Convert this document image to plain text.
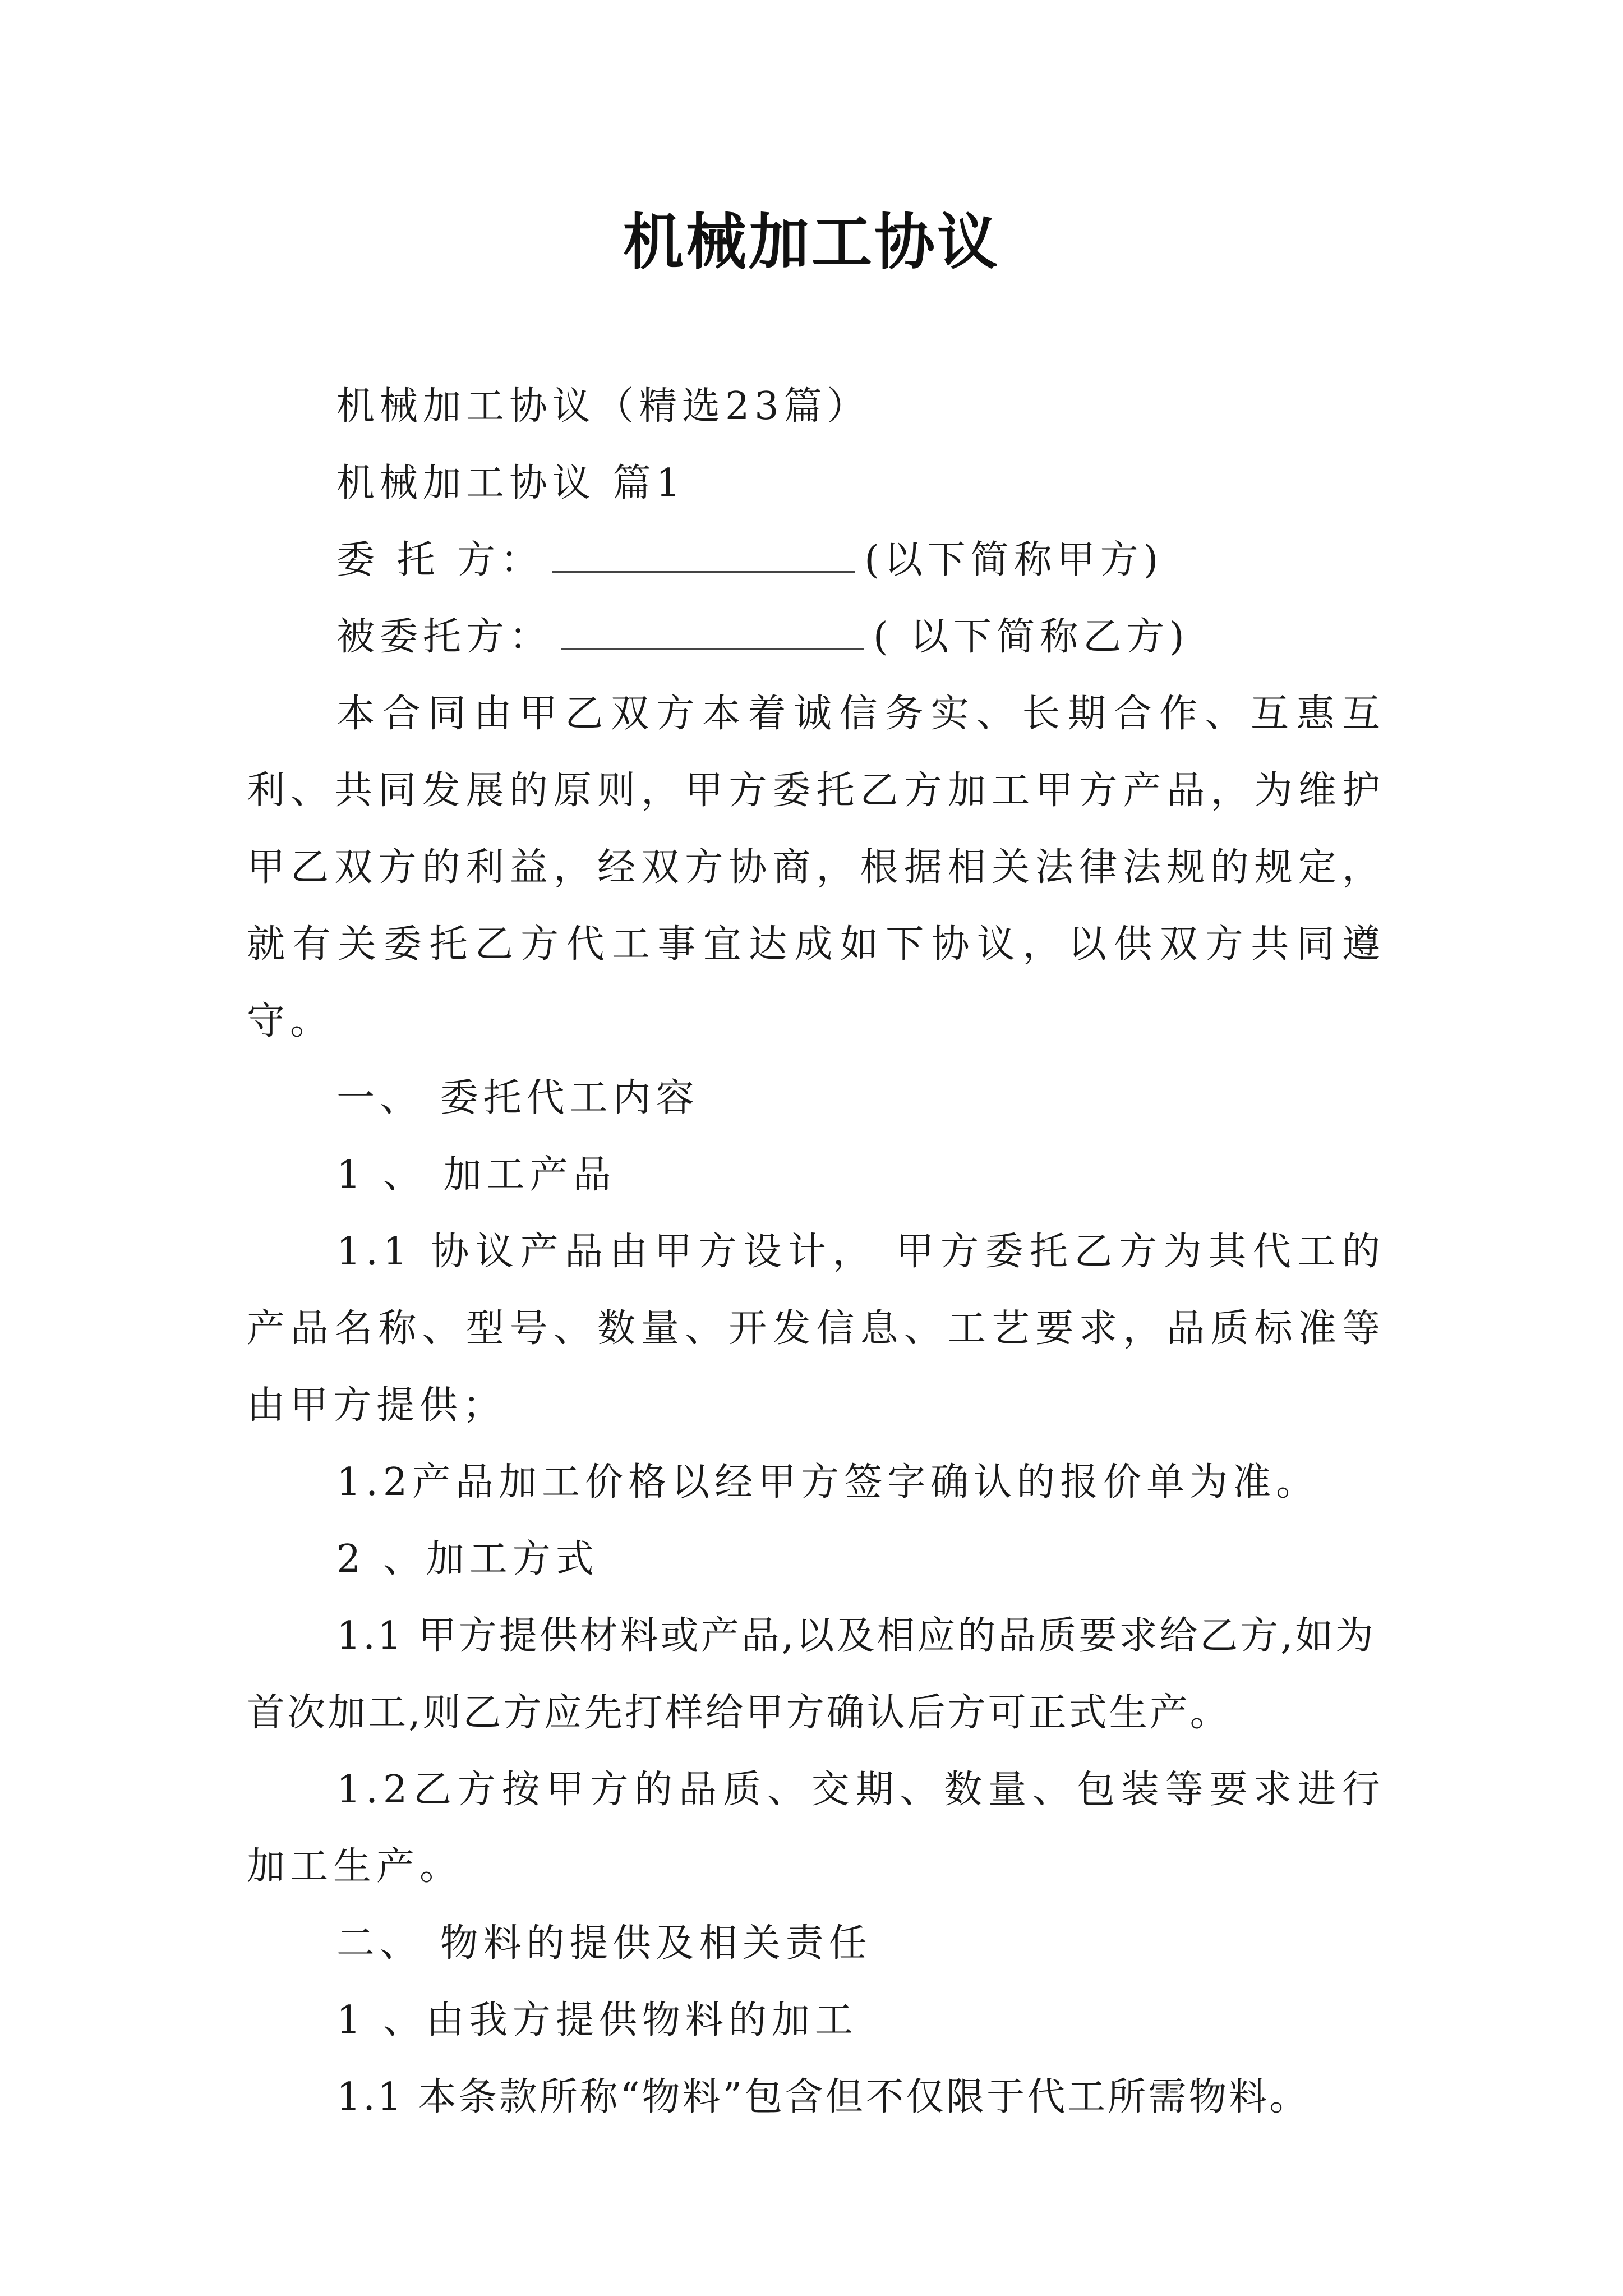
机械加工协议

机械加工协议（精选23篇）

机械加工协议 篇1

委 托 方：	(以下简称甲方)

被委托方：	( 以下简称乙方)

本合同由甲乙双方本着诚信务实、长期合作、互惠互利、共同发展的原则，甲方委托乙方加工甲方产品，为维护甲乙双方的利益，经双方协商，根据相关法律法规的规定，就有关委托乙方代工事宜达成如下协议，以供双方共同遵守。

一、 委托代工内容

1 、 加工产品

1.1 协议产品由甲方设计， 甲方委托乙方为其代工的产品名称、型号、数量、开发信息、工艺要求，品质标准等由甲方提供；

1.2产品加工价格以经甲方签字确认的报价单为准。

2 、加工方式

1.1 甲方提供材料或产品,以及相应的品质要求给乙方,如为首次加工,则乙方应先打样给甲方确认后方可正式生产。

1.2乙方按甲方的品质、交期、数量、包装等要求进行加工生产。

二、 物料的提供及相关责任

1 、由我方提供物料的加工

1.1 本条款所称“物料”包含但不仅限于代工所需物料。
